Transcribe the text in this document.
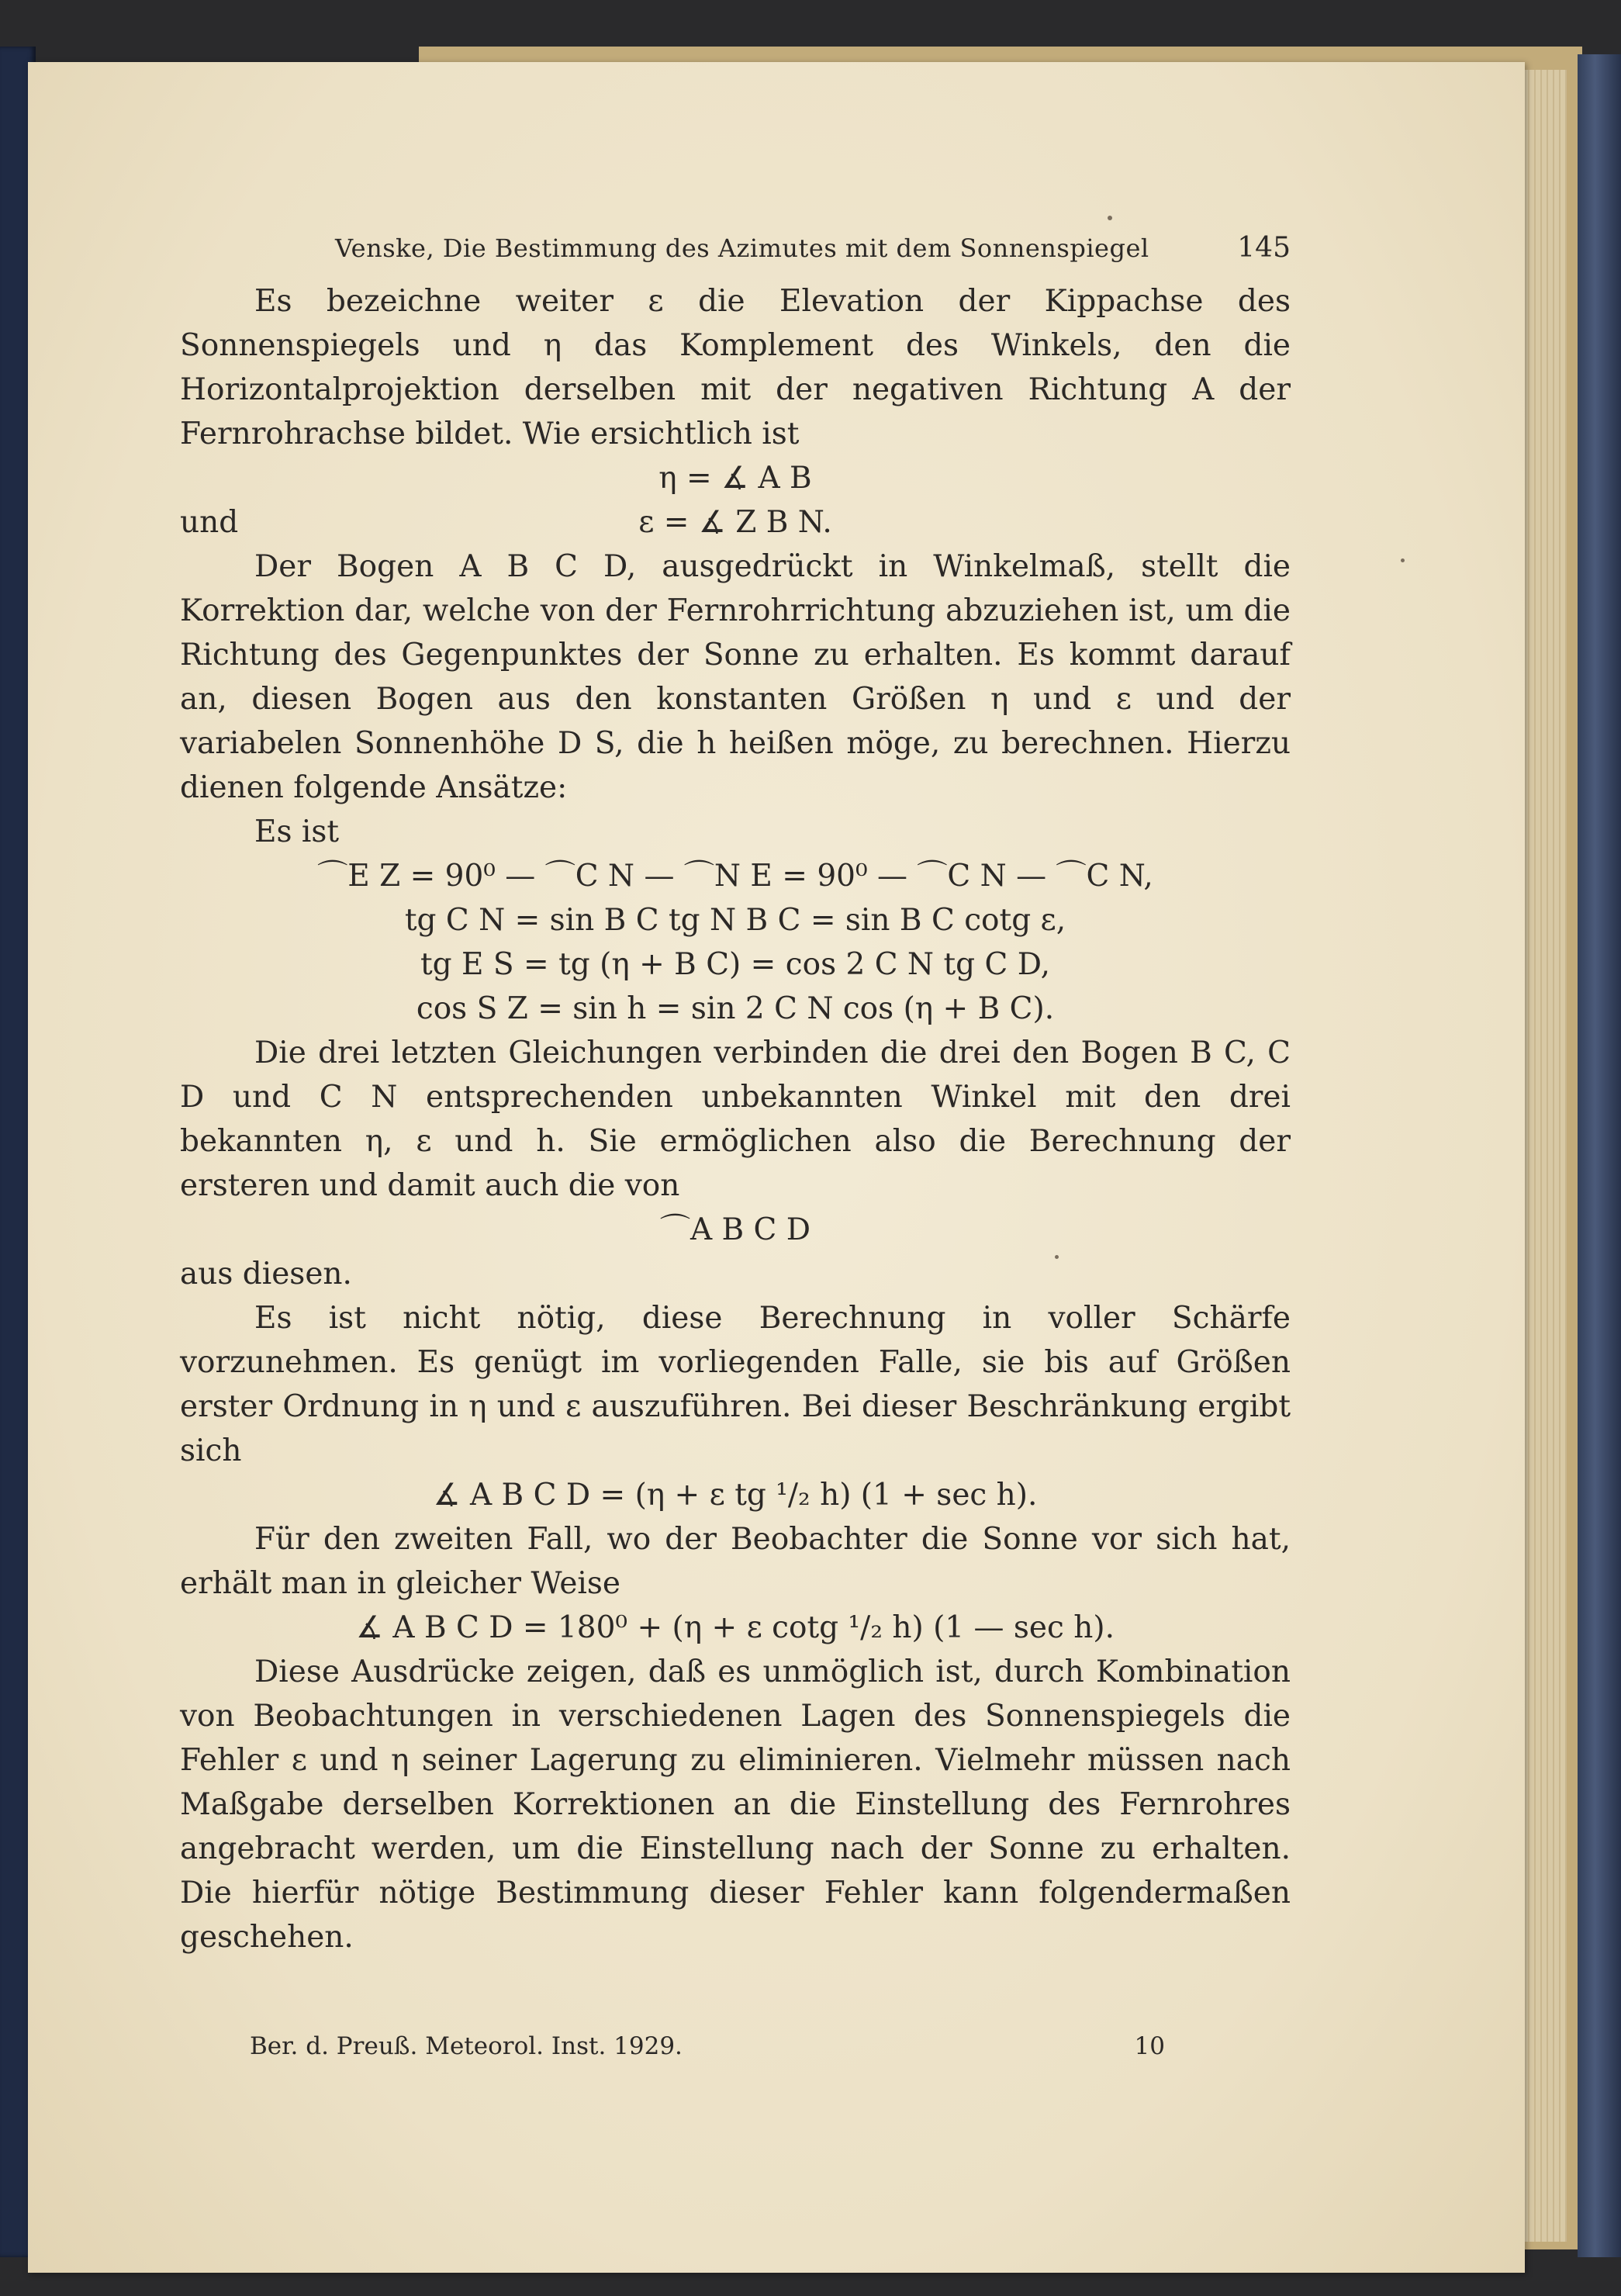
Venske, Die Bestimmung des Azimutes mit dem Sonnenspiegel	145

Es bezeichne weiter ε die Elevation der Kippachse des Sonnenspiegels und η das Komplement des Winkels, den die Horizontalprojektion derselben mit der negativen Richtung A der Fernrohrachse bildet. Wie ersichtlich ist

η = ∡ A B
und	ε = ∡ Z B N.

Der Bogen A B C D, ausgedrückt in Winkelmaß, stellt die Korrektion dar, welche von der Fernrohrrichtung abzuziehen ist, um die Richtung des Gegenpunktes der Sonne zu erhalten. Es kommt darauf an, diesen Bogen aus den konstanten Größen η und ε und der variabelen Sonnenhöhe D S, die h heißen möge, zu berechnen. Hierzu dienen folgende Ansätze:

Es ist

⌒E Z = 90⁰ — ⌒C N — ⌒N E = 90⁰ — ⌒C N — ⌒C N,
tg C N = sin B C tg N B C = sin B C cotg ε,
tg E S = tg (η + B C) = cos 2 C N tg C D,
cos S Z = sin h = sin 2 C N cos (η + B C).

Die drei letzten Gleichungen verbinden die drei den Bogen B C, C D und C N entsprechenden unbekannten Winkel mit den drei bekannten η, ε und h. Sie ermöglichen also die Berechnung der ersteren und damit auch die von

⌒A B C D

aus diesen.

Es ist nicht nötig, diese Berechnung in voller Schärfe vorzunehmen. Es genügt im vorliegenden Falle, sie bis auf Größen erster Ordnung in η und ε auszuführen. Bei dieser Beschränkung ergibt sich

∡ A B C D = (η + ε tg ¹/₂ h) (1 + sec h).

Für den zweiten Fall, wo der Beobachter die Sonne vor sich hat, erhält man in gleicher Weise

∡ A B C D = 180⁰ + (η + ε cotg ¹/₂ h) (1 — sec h).

Diese Ausdrücke zeigen, daß es unmöglich ist, durch Kombination von Beobachtungen in verschiedenen Lagen des Sonnenspiegels die Fehler ε und η seiner Lagerung zu eliminieren. Vielmehr müssen nach Maßgabe derselben Korrektionen an die Einstellung des Fernrohres angebracht werden, um die Einstellung nach der Sonne zu erhalten. Die hierfür nötige Bestimmung dieser Fehler kann folgendermaßen geschehen.

Ber. d. Preuß. Meteorol. Inst. 1929.	10
